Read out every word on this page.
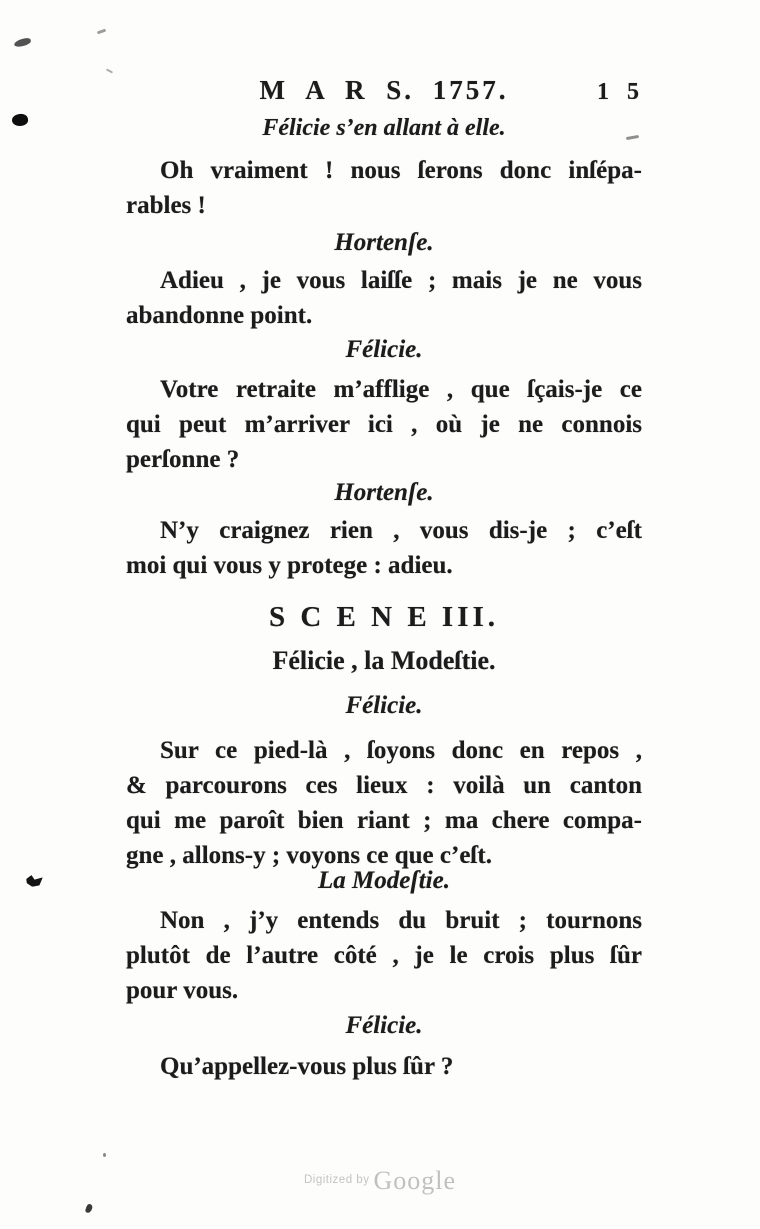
M A R S. 1757.	1 5
Félicie s’en allant à elle.
Oh vraiment ! nous ſerons donc inſépa-
rables !
Hortenſe.
Adieu , je vous laiſſe ; mais je ne vous
abandonne point.
Félicie.
Votre retraite m’afflige , que ſçais-je ce
qui peut m’arriver ici , où je ne connois
perſonne ?
Hortenſe.
N’y craignez rien , vous dis-je ; c’eſt
moi qui vous y protege : adieu.
S C E N E III.
Félicie , la Modeſtie.
Félicie.
Sur ce pied-là , ſoyons donc en repos ,
& parcourons ces lieux : voilà un canton
qui me paroît bien riant ; ma chere compa-
gne , allons-y ; voyons ce que c’eſt.
La Modeſtie.
Non , j’y entends du bruit ; tournons
plutôt de l’autre côté , je le crois plus ſûr
pour vous.
Félicie.
Qu’appellez-vous plus ſûr ?
$^{Digitized by}$ Google
